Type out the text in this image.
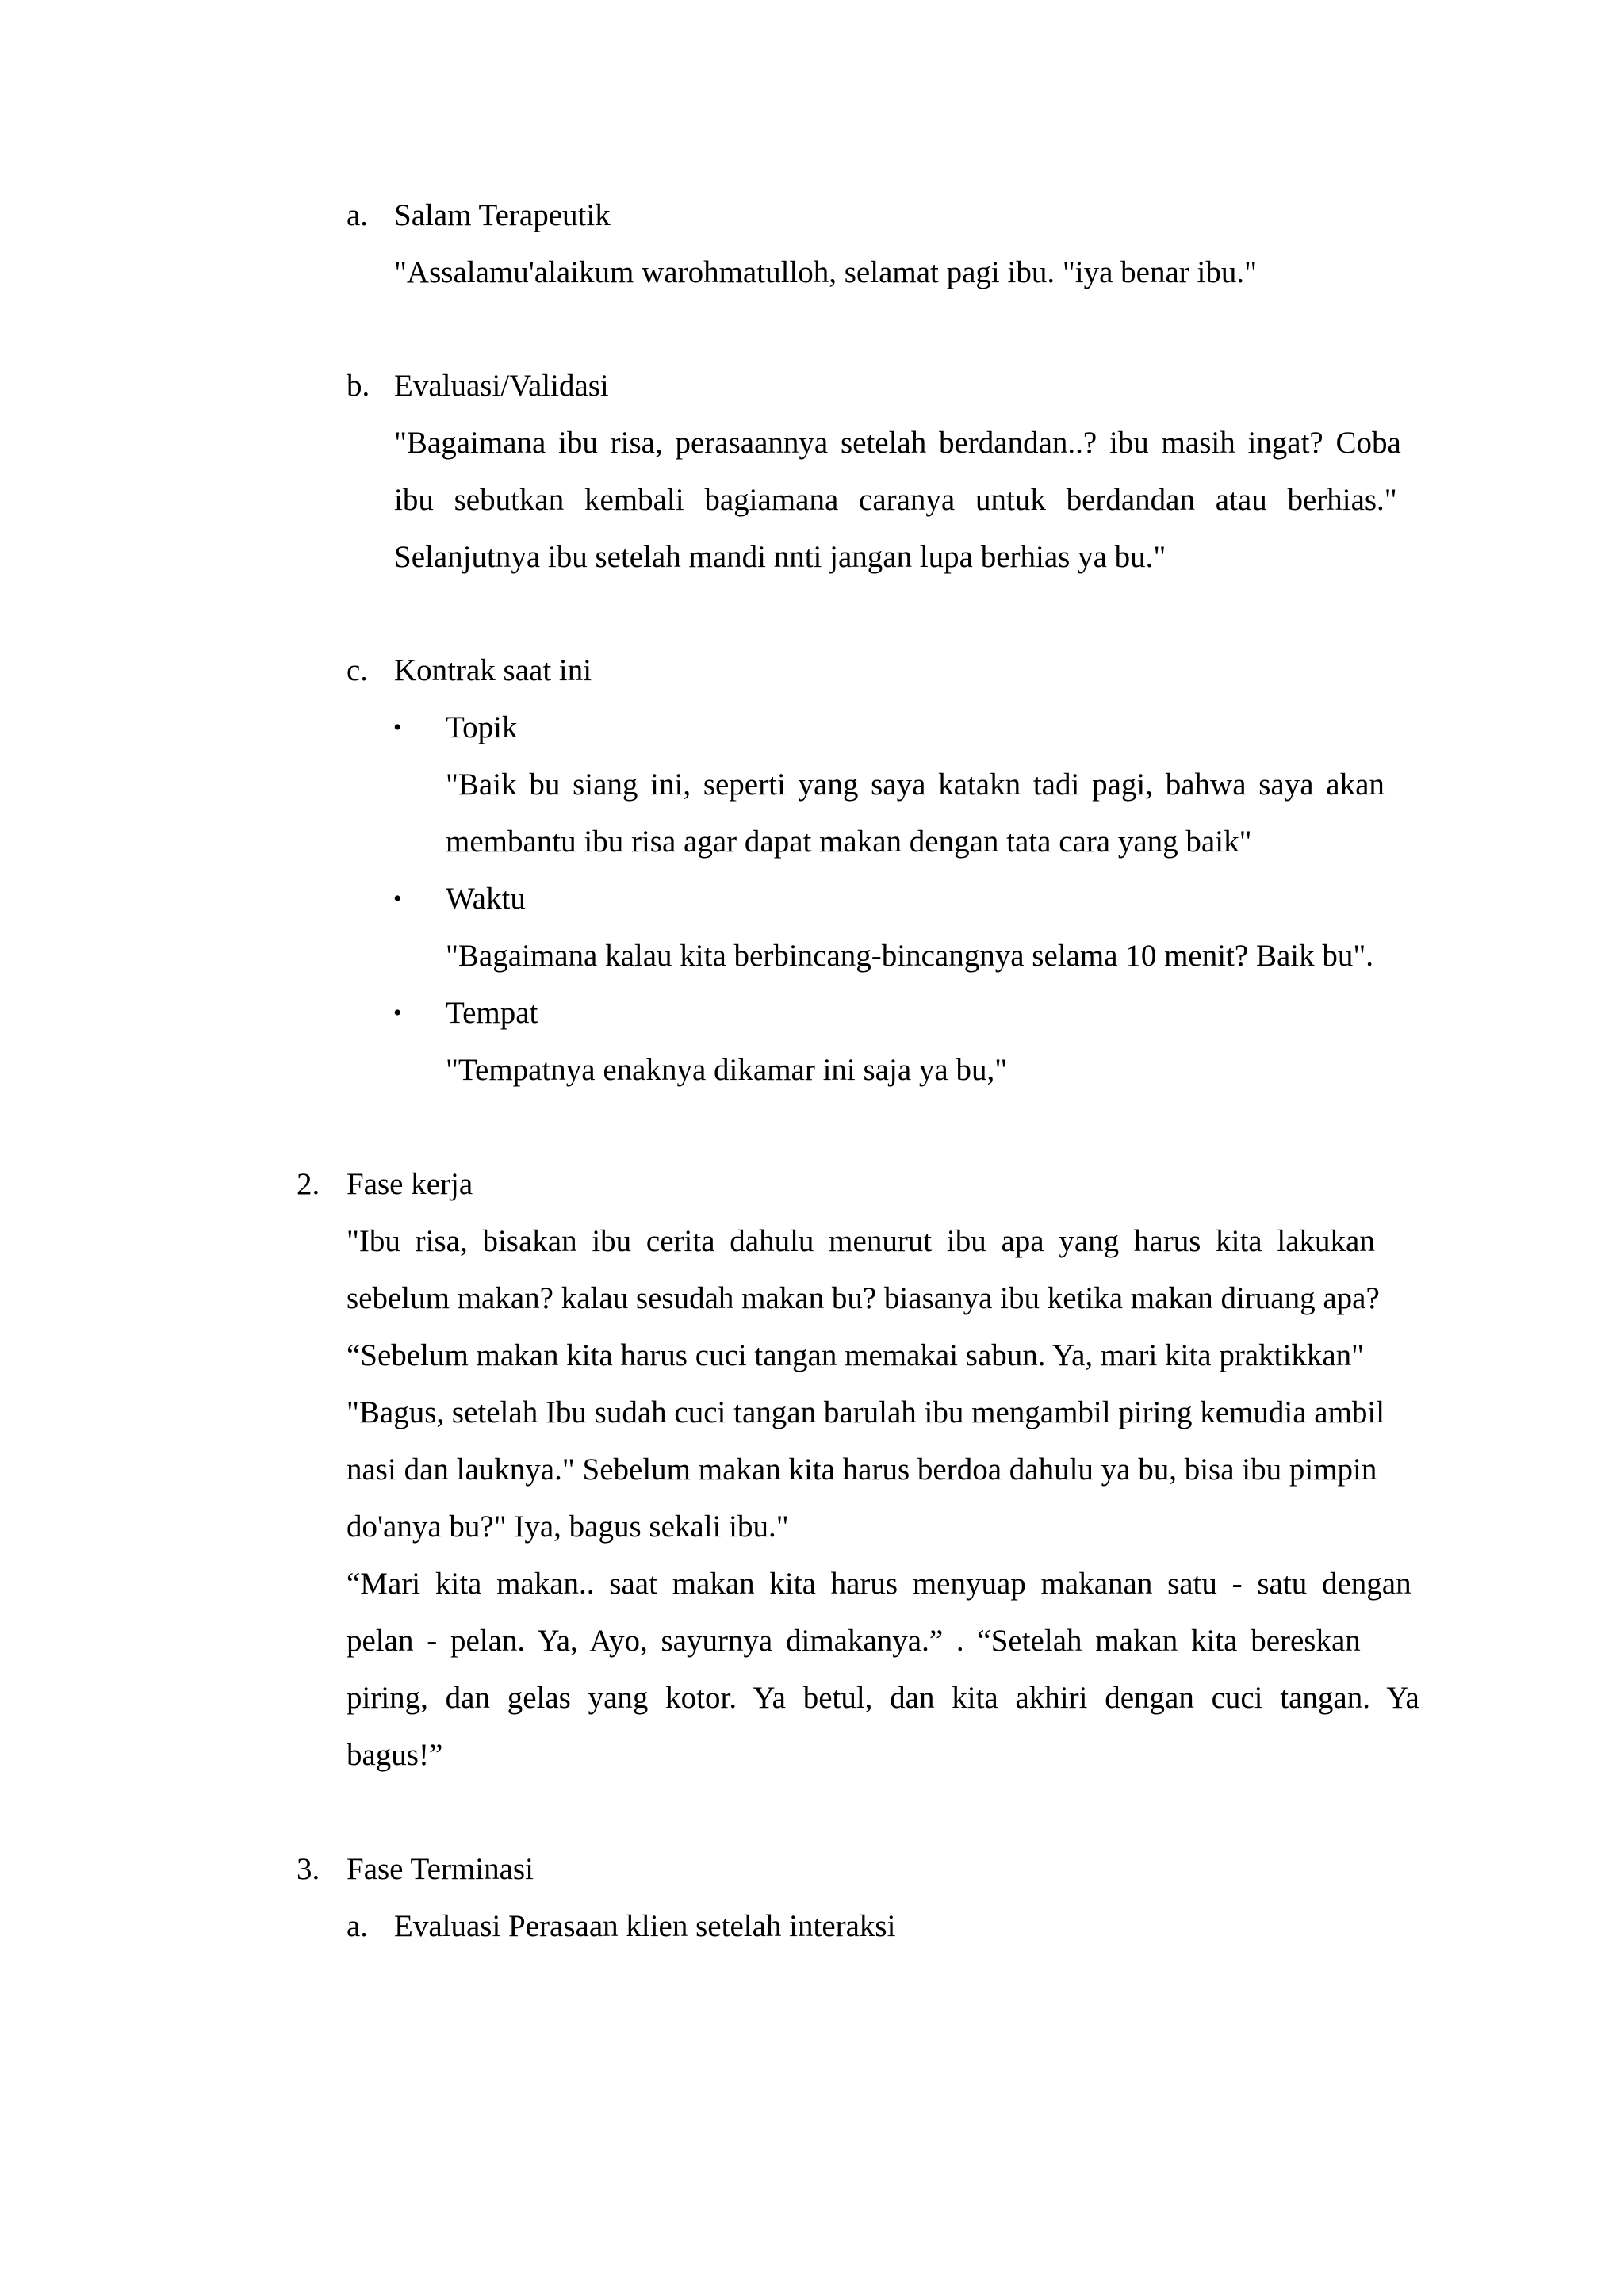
a. Salam Terapeutik
"Assalamu'alaikum warohmatulloh, selamat pagi ibu. "iya benar ibu."
b. Evaluasi/Validasi
"Bagaimana ibu risa, perasaannya setelah berdandan..? ibu masih ingat? Coba
ibu sebutkan kembali bagiamana caranya untuk berdandan atau berhias."
Selanjutnya ibu setelah mandi nnti jangan lupa berhias ya bu."
c. Kontrak saat ini
• Topik
"Baik bu siang ini, seperti yang saya katakn tadi pagi, bahwa saya akan
membantu ibu risa agar dapat makan dengan tata cara yang baik"
• Waktu
"Bagaimana kalau kita berbincang-bincangnya selama 10 menit? Baik bu".
• Tempat
"Tempatnya enaknya dikamar ini saja ya bu,"
2. Fase kerja
"Ibu risa, bisakan ibu cerita dahulu menurut ibu apa yang harus kita lakukan
sebelum makan? kalau sesudah makan bu? biasanya ibu ketika makan diruang apa?
“Sebelum makan kita harus cuci tangan memakai sabun. Ya, mari kita praktikkan"
"Bagus, setelah Ibu sudah cuci tangan barulah ibu mengambil piring kemudia ambil
nasi dan lauknya." Sebelum makan kita harus berdoa dahulu ya bu, bisa ibu pimpin
do'anya bu?" Iya, bagus sekali ibu."
“Mari kita makan.. saat makan kita harus menyuap makanan satu - satu dengan
pelan - pelan. Ya, Ayo, sayurnya dimakanya.” . “Setelah makan kita bereskan
piring, dan gelas yang kotor. Ya betul, dan kita akhiri dengan cuci tangan. Ya
bagus!”
3. Fase Terminasi
a. Evaluasi Perasaan klien setelah interaksi
